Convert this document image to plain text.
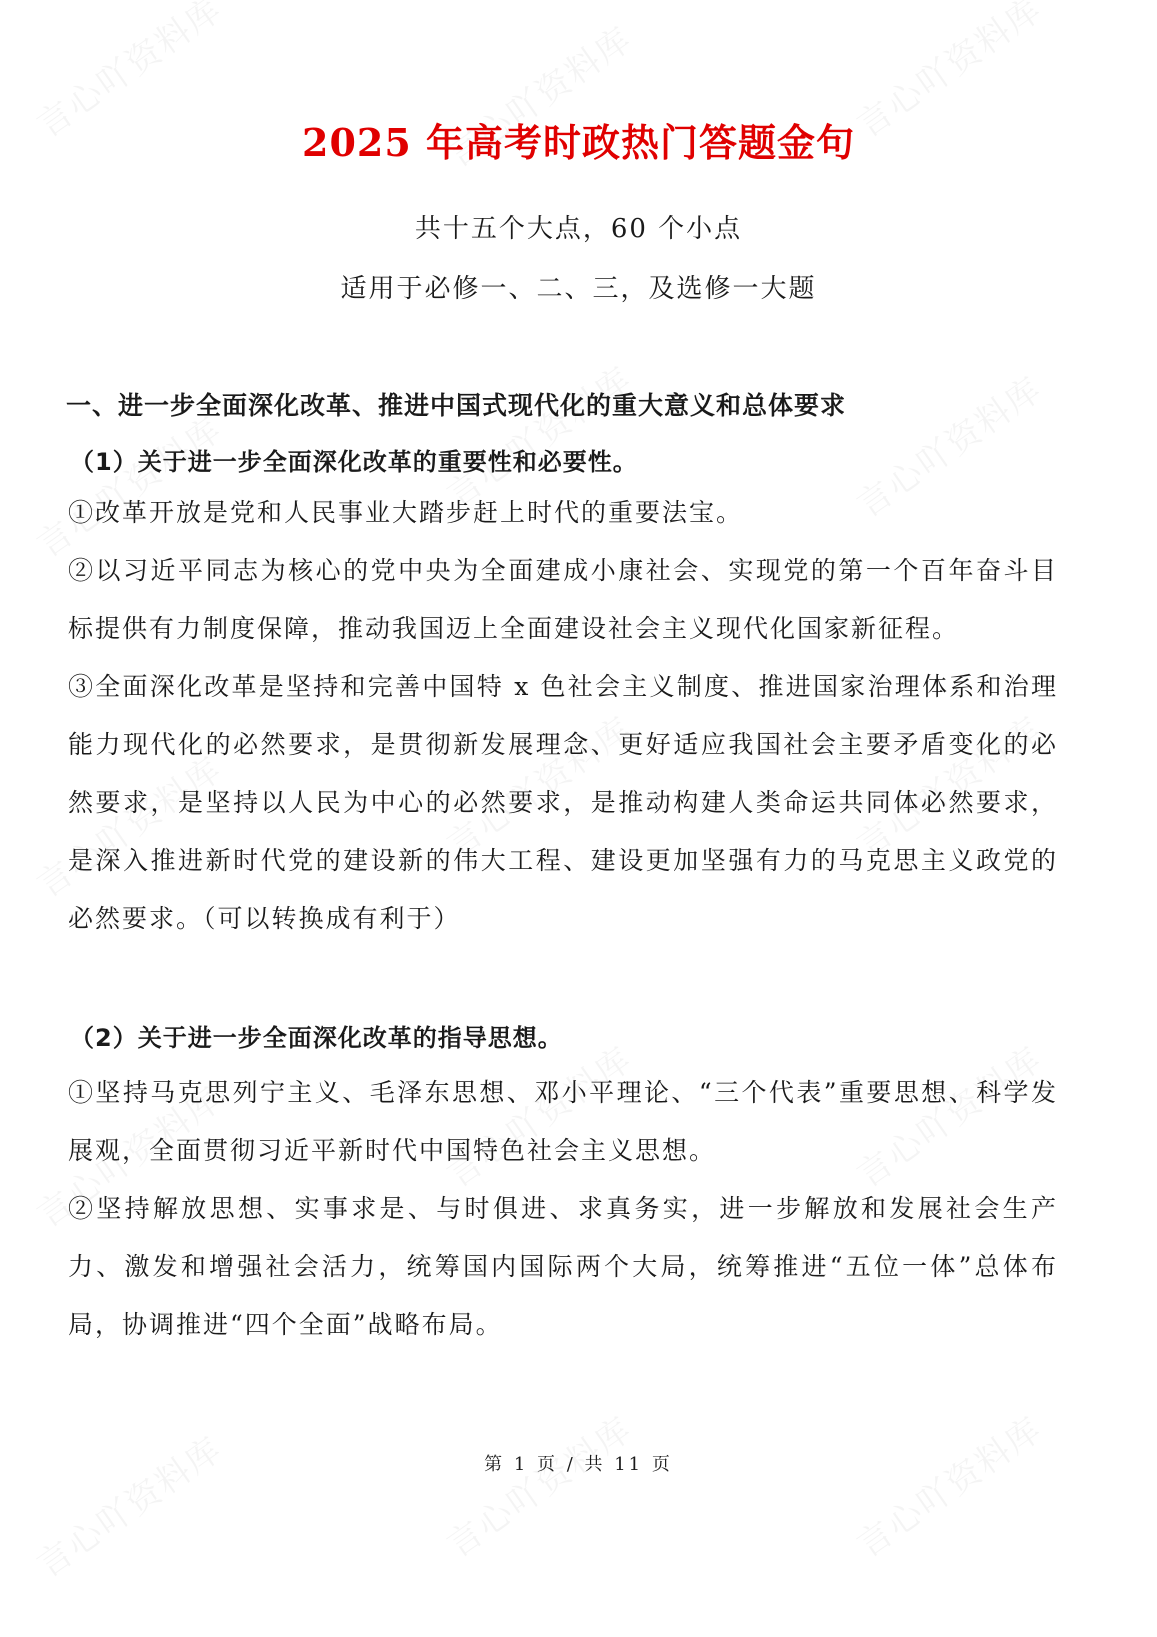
2025 年高考时政热门答题金句
共十五个大点，60 个小点
适用于必修一、二、三，及选修一大题
一、进一步全面深化改革、推进中国式现代化的重大意义和总体要求
（1）关于进一步全面深化改革的重要性和必要性。
①改革开放是党和人民事业大踏步赶上时代的重要法宝。
②以习近平同志为核心的党中央为全面建成小康社会、实现党的第一个百年奋斗目标提供有力制度保障，推动我国迈上全面建设社会主义现代化国家新征程。
③全面深化改革是坚持和完善中国特 x 色社会主义制度、推进国家治理体系和治理能力现代化的必然要求，是贯彻新发展理念、更好适应我国社会主要矛盾变化的必然要求，是坚持以人民为中心的必然要求，是推动构建人类命运共同体必然要求，是深入推进新时代党的建设新的伟大工程、建设更加坚强有力的马克思主义政党的必然要求。（可以转换成有利于）
（2）关于进一步全面深化改革的指导思想。
①坚持马克思列宁主义、毛泽东思想、邓小平理论、“三个代表”重要思想、科学发展观，全面贯彻习近平新时代中国特色社会主义思想。
②坚持解放思想、实事求是、与时俱进、求真务实，进一步解放和发展社会生产力、激发和增强社会活力，统筹国内国际两个大局，统筹推进“五位一体”总体布局，协调推进“四个全面”战略布局。
第 1 页 / 共 11 页
